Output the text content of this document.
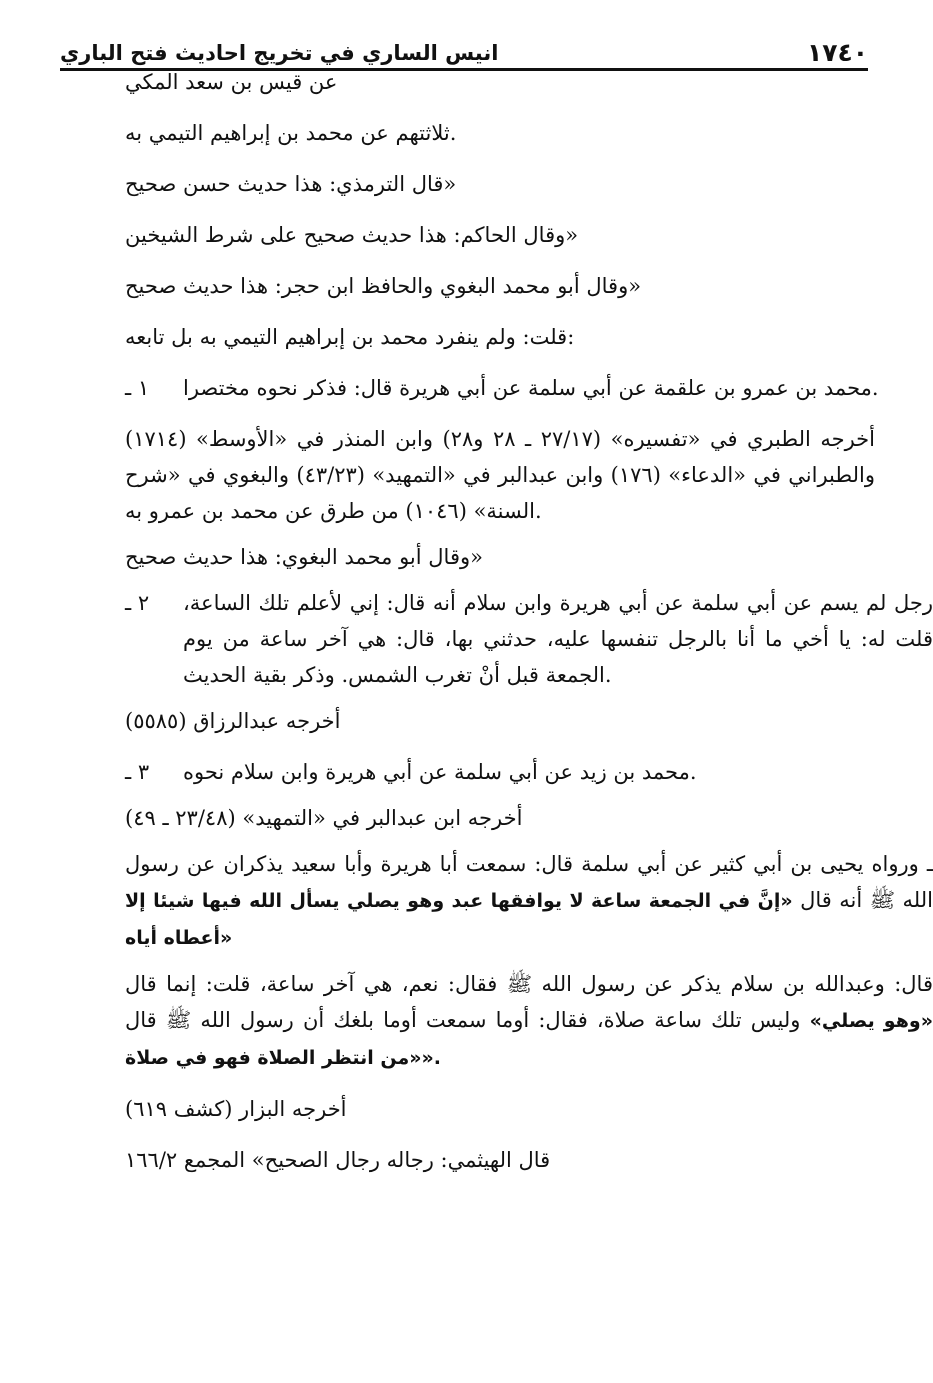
١٧٤٠
انيس الساري في تخريج احاديث فتح الباري

عن قيس بن سعد المكي

ثلاثتهم عن محمد بن إبراهيم التيمي به.

قال الترمذي: هذا حديث حسن صحيح»

وقال الحاكم: هذا حديث صحيح على شرط الشيخين»

وقال أبو محمد البغوي والحافظ ابن حجر: هذا حديث صحيح»

قلت: ولم ينفرد محمد بن إبراهيم التيمي به بل تابعه:

١ ـ	محمد بن عمرو بن علقمة عن أبي سلمة عن أبي هريرة قال: فذكر نحوه مختصرا.

أخرجه الطبري في «تفسيره» (٢٧/١٧ ـ ٢٨ و٢٨) وابن المنذر في «الأوسط» (١٧١٤) والطبراني في «الدعاء» (١٧٦) وابن عبدالبر في «التمهيد» (٤٣/٢٣) والبغوي في «شرح السنة» (١٠٤٦) من طرق عن محمد بن عمرو به.

وقال أبو محمد البغوي: هذا حديث صحيح»

٢ ـ	رجل لم يسم عن أبي سلمة عن أبي هريرة وابن سلام أنه قال: إني لأعلم تلك الساعة، قلت له: يا أخي ما أنا بالرجل تنفسها عليه، حدثني بها، قال: هي آخر ساعة من يوم الجمعة قبل أنْ تغرب الشمس. وذكر بقية الحديث.

أخرجه عبدالرزاق (٥٥٨٥)

٣ ـ	محمد بن زيد عن أبي سلمة عن أبي هريرة وابن سلام نحوه.

أخرجه ابن عبدالبر في «التمهيد» (٢٣/٤٨ ـ ٤٩)

ـ ورواه يحيى بن أبي كثير عن أبي سلمة قال: سمعت أبا هريرة وأبا سعيد يذكران عن رسول الله ﷺ أنه قال «إنَّ في الجمعة ساعة لا يوافقها عبد وهو يصلي يسأل الله فيها شيئا إلا أعطاه أياه»

قال: وعبدالله بن سلام يذكر عن رسول الله ﷺ فقال: نعم، هي آخر ساعة، قلت: إنما قال «وهو يصلي» وليس تلك ساعة صلاة، فقال: أوما سمعت أوما بلغك أن رسول الله ﷺ قال «من انتظر الصلاة فهو في صلاة».

أخرجه البزار (كشف ٦١٩)

قال الهيثمي: رجاله رجال الصحيح» المجمع ١٦٦/٢
